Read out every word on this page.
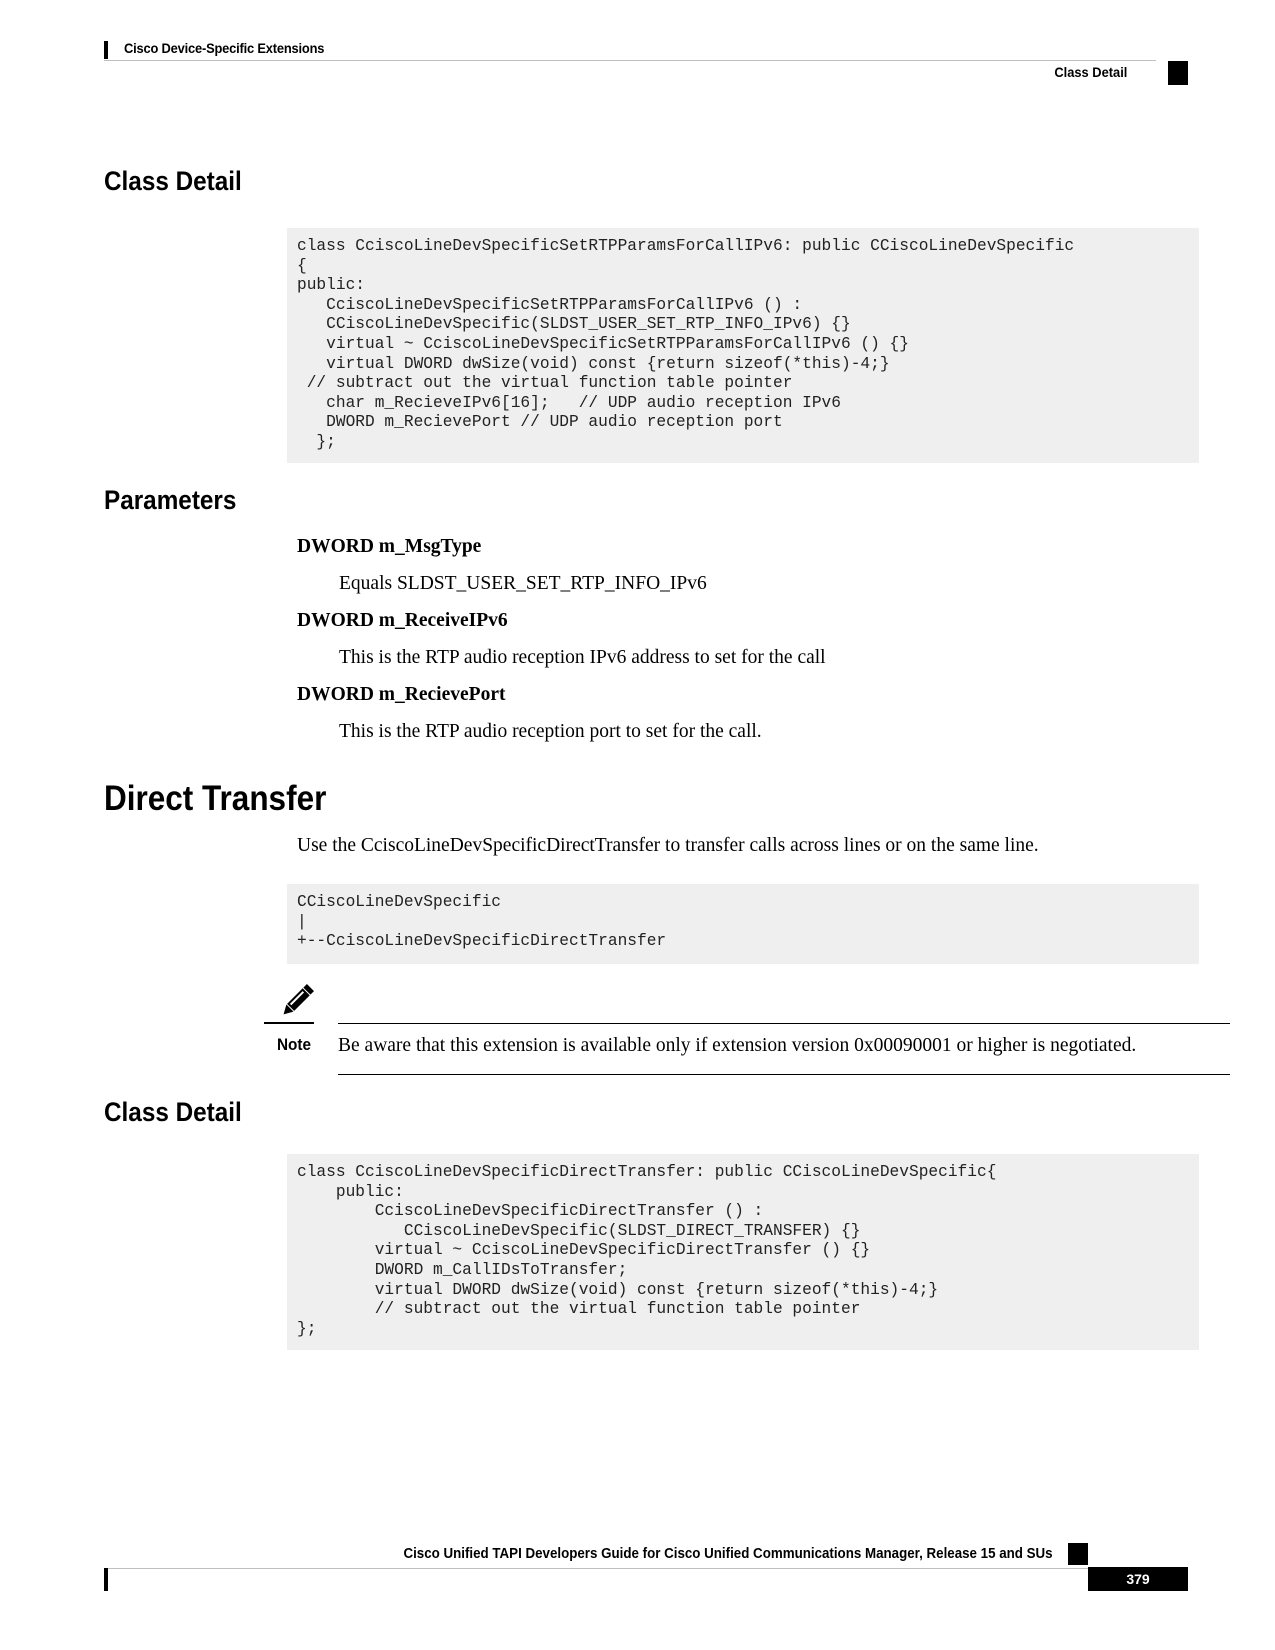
Cisco Device-Specific Extensions
Class Detail
Class Detail
class CciscoLineDevSpecificSetRTPParamsForCallIPv6: public CCiscoLineDevSpecific
{
public:
CciscoLineDevSpecificSetRTPParamsForCallIPv6 () :
CCiscoLineDevSpecific(SLDST_USER_SET_RTP_INFO_IPv6) {}
virtual ~ CciscoLineDevSpecificSetRTPParamsForCallIPv6 () {}
virtual DWORD dwSize(void) const {return sizeof(*this)-4;}
// subtract out the virtual function table pointer
char m_RecieveIPv6[16];   // UDP audio reception IPv6
DWORD m_RecievePort // UDP audio reception port
};
Parameters
DWORD m_MsgType
Equals SLDST_USER_SET_RTP_INFO_IPv6
DWORD m_ReceiveIPv6
This is the RTP audio reception IPv6 address to set for the call
DWORD m_RecievePort
This is the RTP audio reception port to set for the call.
Direct Transfer
Use the CciscoLineDevSpecificDirectTransfer to transfer calls across lines or on the same line.
CCiscoLineDevSpecific
|
+--CciscoLineDevSpecificDirectTransfer
Note Be aware that this extension is available only if extension version 0x00090001 or higher is negotiated.
Class Detail
class CciscoLineDevSpecificDirectTransfer: public CCiscoLineDevSpecific{
public:
CciscoLineDevSpecificDirectTransfer () :
CCiscoLineDevSpecific(SLDST_DIRECT_TRANSFER) {}
virtual ~ CciscoLineDevSpecificDirectTransfer () {}
DWORD m_CallIDsToTransfer;
virtual DWORD dwSize(void) const {return sizeof(*this)-4;}
// subtract out the virtual function table pointer
};
Cisco Unified TAPI Developers Guide for Cisco Unified Communications Manager, Release 15 and SUs
379
